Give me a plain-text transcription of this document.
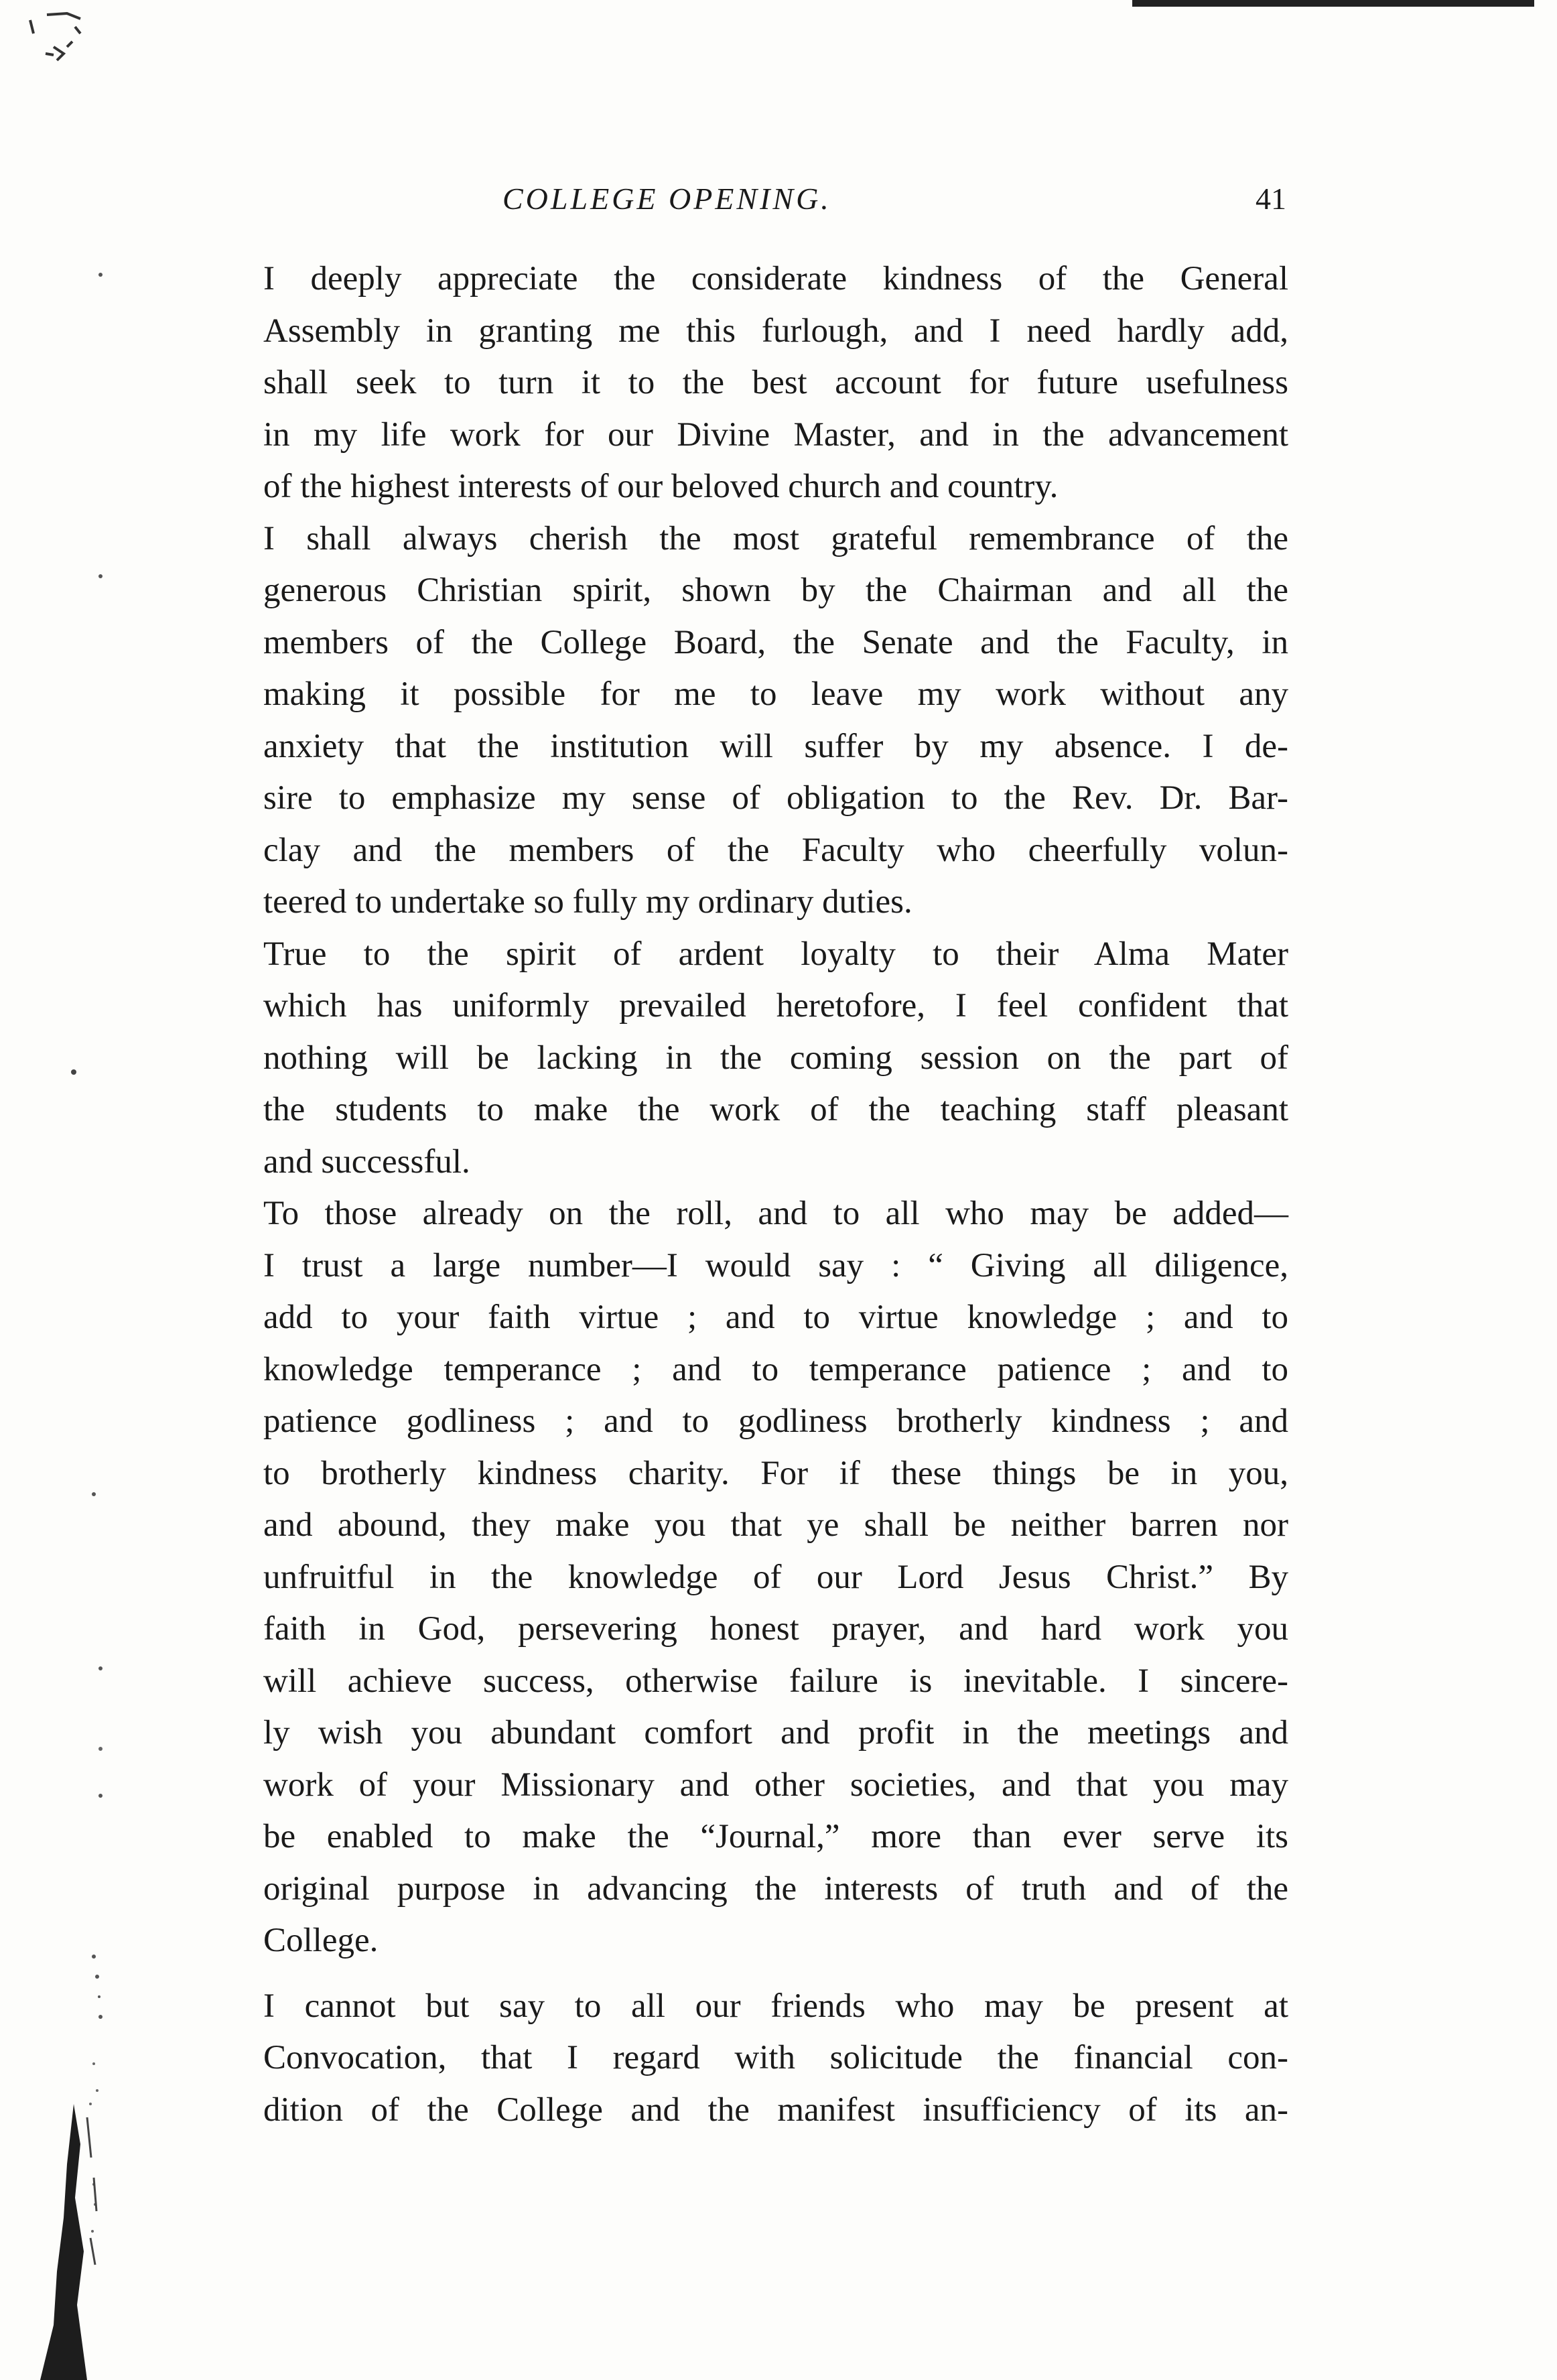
COLLEGE OPENING.	41
I deeply appreciate the considerate kindness of the General
Assembly in granting me this furlough, and I need hardly add,
shall seek to turn it to the best account for future usefulness
in my life work for our Divine Master, and in the advancement
of the highest interests of our beloved church and country.
I shall always cherish the most grateful remembrance of the
generous Christian spirit, shown by the Chairman and all the
members of the College Board, the Senate and the Faculty, in
making it possible for me to leave my work without any
anxiety that the institution will suffer by my absence. I de-
sire to emphasize my sense of obligation to the Rev. Dr. Bar-
clay and the members of the Faculty who cheerfully volun-
teered to undertake so fully my ordinary duties.
True to the spirit of ardent loyalty to their Alma Mater
which has uniformly prevailed heretofore, I feel confident that
nothing will be lacking in the coming session on the part of
the students to make the work of the teaching staff pleasant
and successful.
To those already on the roll, and to all who may be added—
I trust a large number—I would say : “ Giving all diligence,
add to your faith virtue ; and to virtue knowledge ; and to
knowledge temperance ; and to temperance patience ; and to
patience godliness ; and to godliness brotherly kindness ; and
to brotherly kindness charity. For if these things be in you,
and abound, they make you that ye shall be neither barren nor
unfruitful in the knowledge of our Lord Jesus Christ.” By
faith in God, persevering honest prayer, and hard work you
will achieve success, otherwise failure is inevitable. I sincere-
ly wish you abundant comfort and profit in the meetings and
work of your Missionary and other societies, and that you may
be enabled to make the “Journal,” more than ever serve its
original purpose in advancing the interests of truth and of the
College.
I cannot but say to all our friends who may be present at
Convocation, that I regard with solicitude the financial con-
dition of the College and the manifest insufficiency of its an-
